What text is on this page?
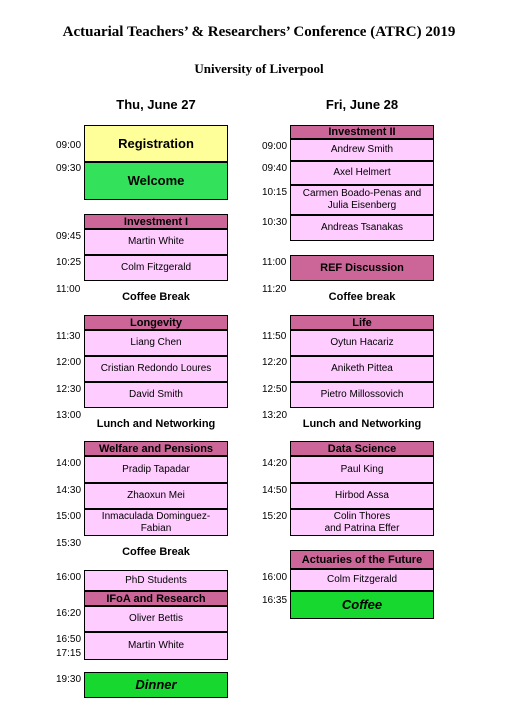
Actuarial Teachers’ & Researchers’ Conference (ATRC) 2019
University of Liverpool
Thu, June 27	Fri, June 28
09:00
09:30
09:45
10:25
11:00
11:30
12:00
12:30
13:00
14:00
14:30
15:00
15:30
16:00
16:20
16:50
17:15
19:30
Registration
Welcome
Investment I
Martin White
Colm Fitzgerald
Coffee Break
Longevity
Liang Chen
Cristian Redondo Loures
David Smith
Lunch and Networking
Welfare and Pensions
Pradip Tapadar
Zhaoxun Mei
Inmaculada Dominguez-
Fabian
Coffee Break
PhD Students
IFoA and Research
Oliver Bettis
Martin White
Dinner
09:00
09:40
10:15
10:30
11:00
11:20
11:50
12:20
12:50
13:20
14:20
14:50
15:20
16:00
16:35
Investment II
Andrew Smith
Axel Helmert
Carmen Boado-Penas and
Julia Eisenberg
Andreas Tsanakas
REF Discussion
Coffee break
Life
Oytun Hacariz
Aniketh Pittea
Pietro Millossovich
Lunch and Networking
Data Science
Paul King
Hirbod Assa
Colin Thores
and Patrina Effer
Actuaries of the Future
Colm Fitzgerald
Coffee
